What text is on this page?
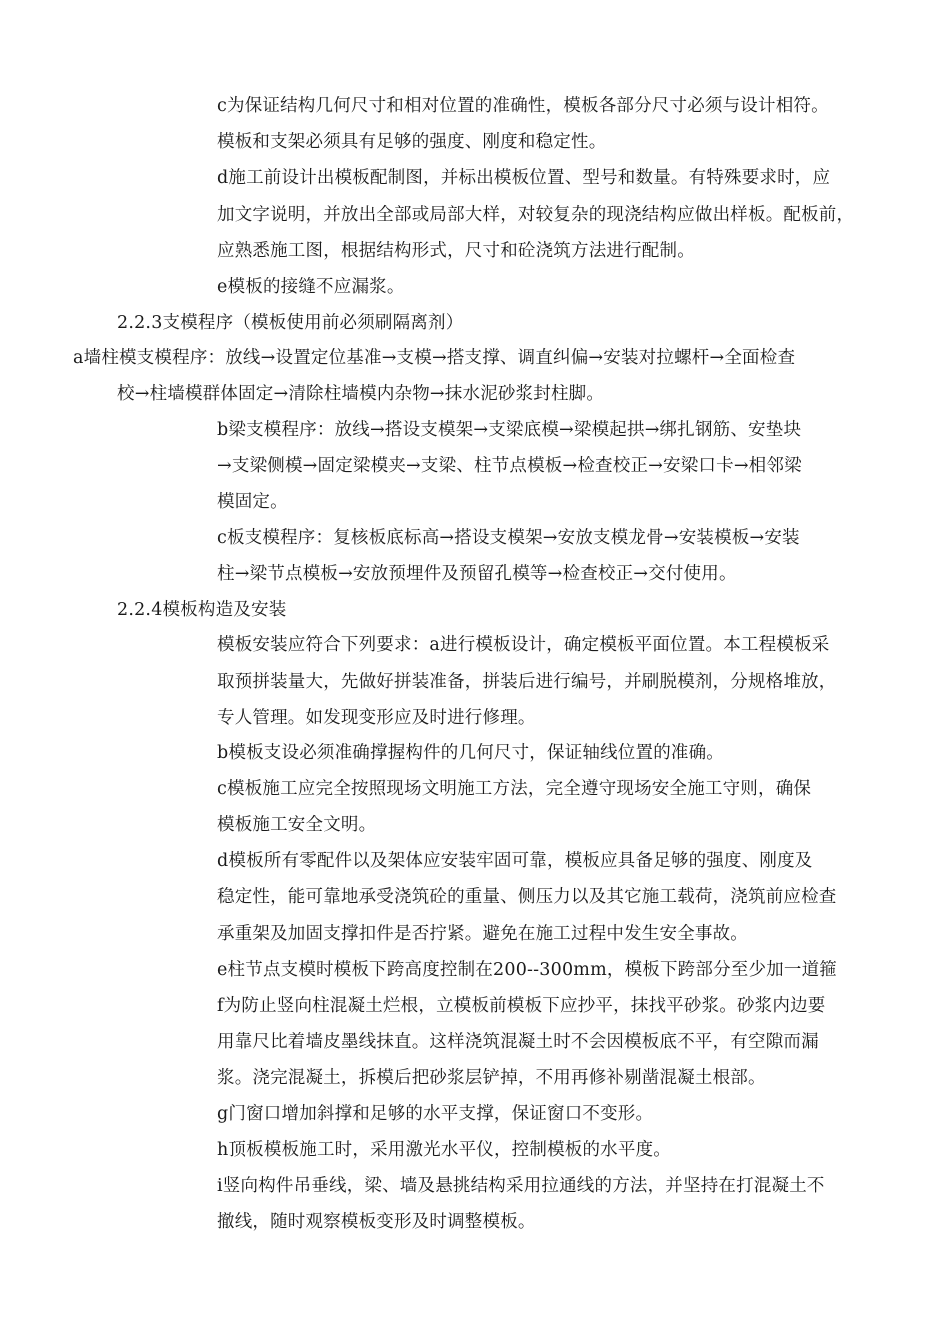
c为保证结构几何尺寸和相对位置的准确性，模板各部分尺寸必须与设计相符。
模板和支架必须具有足够的强度、刚度和稳定性。
d施工前设计出模板配制图，并标出模板位置、型号和数量。有特殊要求时，应
加文字说明，并放出全部或局部大样，对较复杂的现浇结构应做出样板。配板前，
应熟悉施工图，根据结构形式，尺寸和砼浇筑方法进行配制。
e模板的接缝不应漏浆。
2.2.3支模程序（模板使用前必须刷隔离剂）
a墙柱模支模程序：放线→设置定位基准→支模→搭支撑、调直纠偏→安装对拉螺杆→全面检查
校→柱墙模群体固定→清除柱墙模内杂物→抹水泥砂浆封柱脚。
b梁支模程序：放线→搭设支模架→支梁底模→梁模起拱→绑扎钢筋、安垫块
→支梁侧模→固定梁模夹→支梁、柱节点模板→检查校正→安梁口卡→相邻梁
模固定。
c板支模程序：复核板底标高→搭设支模架→安放支模龙骨→安装模板→安装
柱→梁节点模板→安放预埋件及预留孔模等→检查校正→交付使用。
2.2.4模板构造及安装
模板安装应符合下列要求：a进行模板设计，确定模板平面位置。本工程模板采
取预拼装量大，先做好拼装准备，拼装后进行编号，并刷脱模剂，分规格堆放，
专人管理。如发现变形应及时进行修理。
b模板支设必须准确撑握构件的几何尺寸，保证轴线位置的准确。
c模板施工应完全按照现场文明施工方法，完全遵守现场安全施工守则，确保
模板施工安全文明。
d模板所有零配件以及架体应安装牢固可靠，模板应具备足够的强度、刚度及
稳定性，能可靠地承受浇筑砼的重量、侧压力以及其它施工载荷，浇筑前应检查
承重架及加固支撑扣件是否拧紧。避免在施工过程中发生安全事故。
e柱节点支模时模板下跨高度控制在200--300mm，模板下跨部分至少加一道箍
f为防止竖向柱混凝土烂根，立模板前模板下应抄平，抹找平砂浆。砂浆内边要
用靠尺比着墙皮墨线抹直。这样浇筑混凝土时不会因模板底不平，有空隙而漏
浆。浇完混凝土，拆模后把砂浆层铲掉，不用再修补剔凿混凝土根部。
g门窗口增加斜撑和足够的水平支撑，保证窗口不变形。
h顶板模板施工时，采用激光水平仪，控制模板的水平度。
i竖向构件吊垂线，梁、墙及悬挑结构采用拉通线的方法，并坚持在打混凝土不
撤线，随时观察模板变形及时调整模板。
